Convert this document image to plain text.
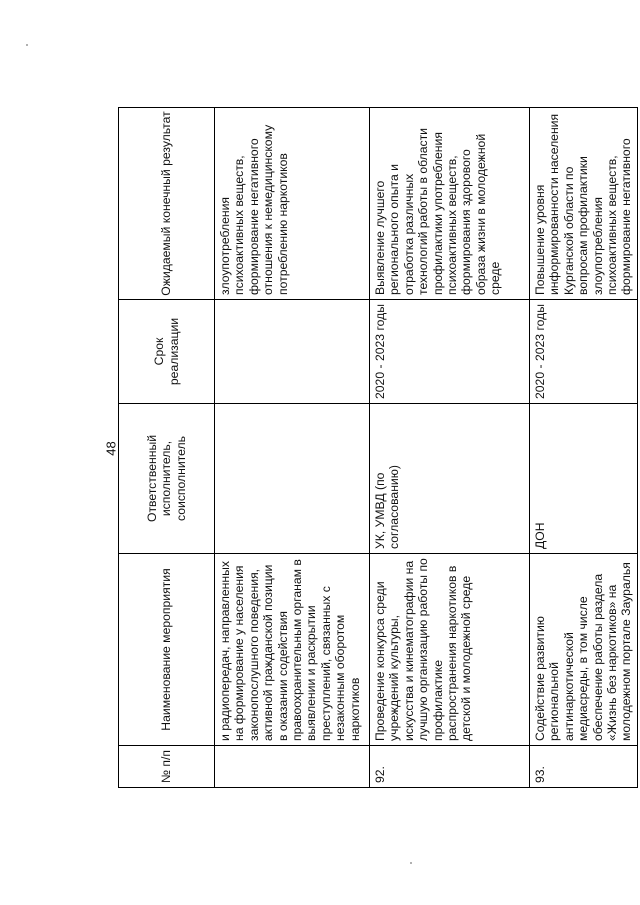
48
№ п/п	Наименование мероприятия	Ответственный исполнитель, соисполнитель	Срок реализации	Ожидаемый конечный результат
	и радиопередач, направленных на формирование у населения законопослушного поведения, активной гражданской позиции в оказании содействия правоохранительным органам в выявлении и раскрытии преступлений, связанных с незаконным оборотом наркотиков			злоупотребления психоактивных веществ, формирование негативного отношения к немедицинскому потреблению наркотиков
92.	Проведение конкурса среди учреждений культуры, искусства и кинематографии на лучшую организацию работы по профилактике распространения наркотиков в детской и молодежной среде	УК, УМВД (по согласованию)	2020 - 2023 годы	Выявление лучшего регионального опыта и отработка различных технологий работы в области профилактики употребления психоактивных веществ, формирования здорового образа жизни в молодежной среде
93.	Содействие развитию региональной антинаркотической медиасреды, в том числе обеспечение работы раздела «Жизнь без наркотиков» на молодежном портале Зауралья	ДОН	2020 - 2023 годы	Повышение уровня информированности населения Курганской области по вопросам профилактики злоупотребления психоактивных веществ, формирование негативного
